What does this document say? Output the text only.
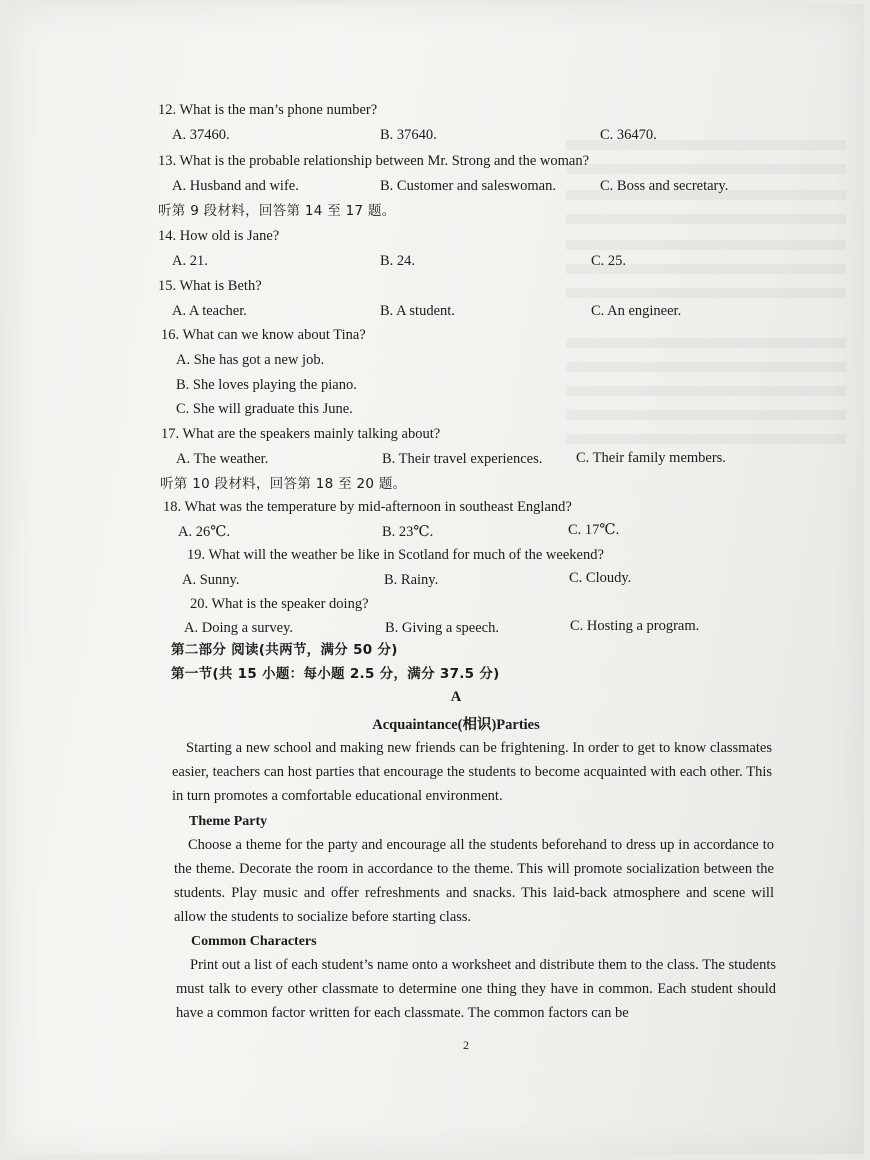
12. What is the man’s phone number?
A. 37460.	B. 37640.	C. 36470.
13. What is the probable relationship between Mr. Strong and the woman?
A. Husband and wife.	B. Customer and saleswoman.	C. Boss and secretary.
听第 9 段材料，回答第 14 至 17 题。
14. How old is Jane?
A. 21.	B. 24.	C. 25.
15. What is Beth?
A. A teacher.	B. A student.	C. An engineer.
16. What can we know about Tina?
A. She has got a new job.
B. She loves playing the piano.
C. She will graduate this June.
17. What are the speakers mainly talking about?
A. The weather.	B. Their travel experiences. C. Their family members.
听第 10 段材料，回答第 18 至 20 题。
18. What was the temperature by mid-afternoon in southeast England?
A. 26℃.	B. 23℃.	C. 17℃.
19. What will the weather be like in Scotland for much of the weekend?
A. Sunny.	B. Rainy.	C. Cloudy.
20. What is the speaker doing?
A. Doing a survey.	B. Giving a speech.	C. Hosting a program.
第二部分 阅读(共两节，满分 50 分)
第一节(共 15 小题：每小题 2.5 分，满分 37.5 分)
A
Acquaintance(相识)Parties
Starting a new school and making new friends can be frightening. In order to get to know classmates easier, teachers can host parties that encourage the students to become acquainted with each other. This in turn promotes a comfortable educational environment.
Theme Party
Choose a theme for the party and encourage all the students beforehand to dress up in accordance to the theme. Decorate the room in accordance to the theme. This will promote socialization between the students. Play music and offer refreshments and snacks. This laid-back atmosphere and scene will allow the students to socialize before starting class.
Common Characters
Print out a list of each student’s name onto a worksheet and distribute them to the class. The students must talk to every other classmate to determine one thing they have in common. Each student should have a common factor written for each classmate. The common factors can be
2
